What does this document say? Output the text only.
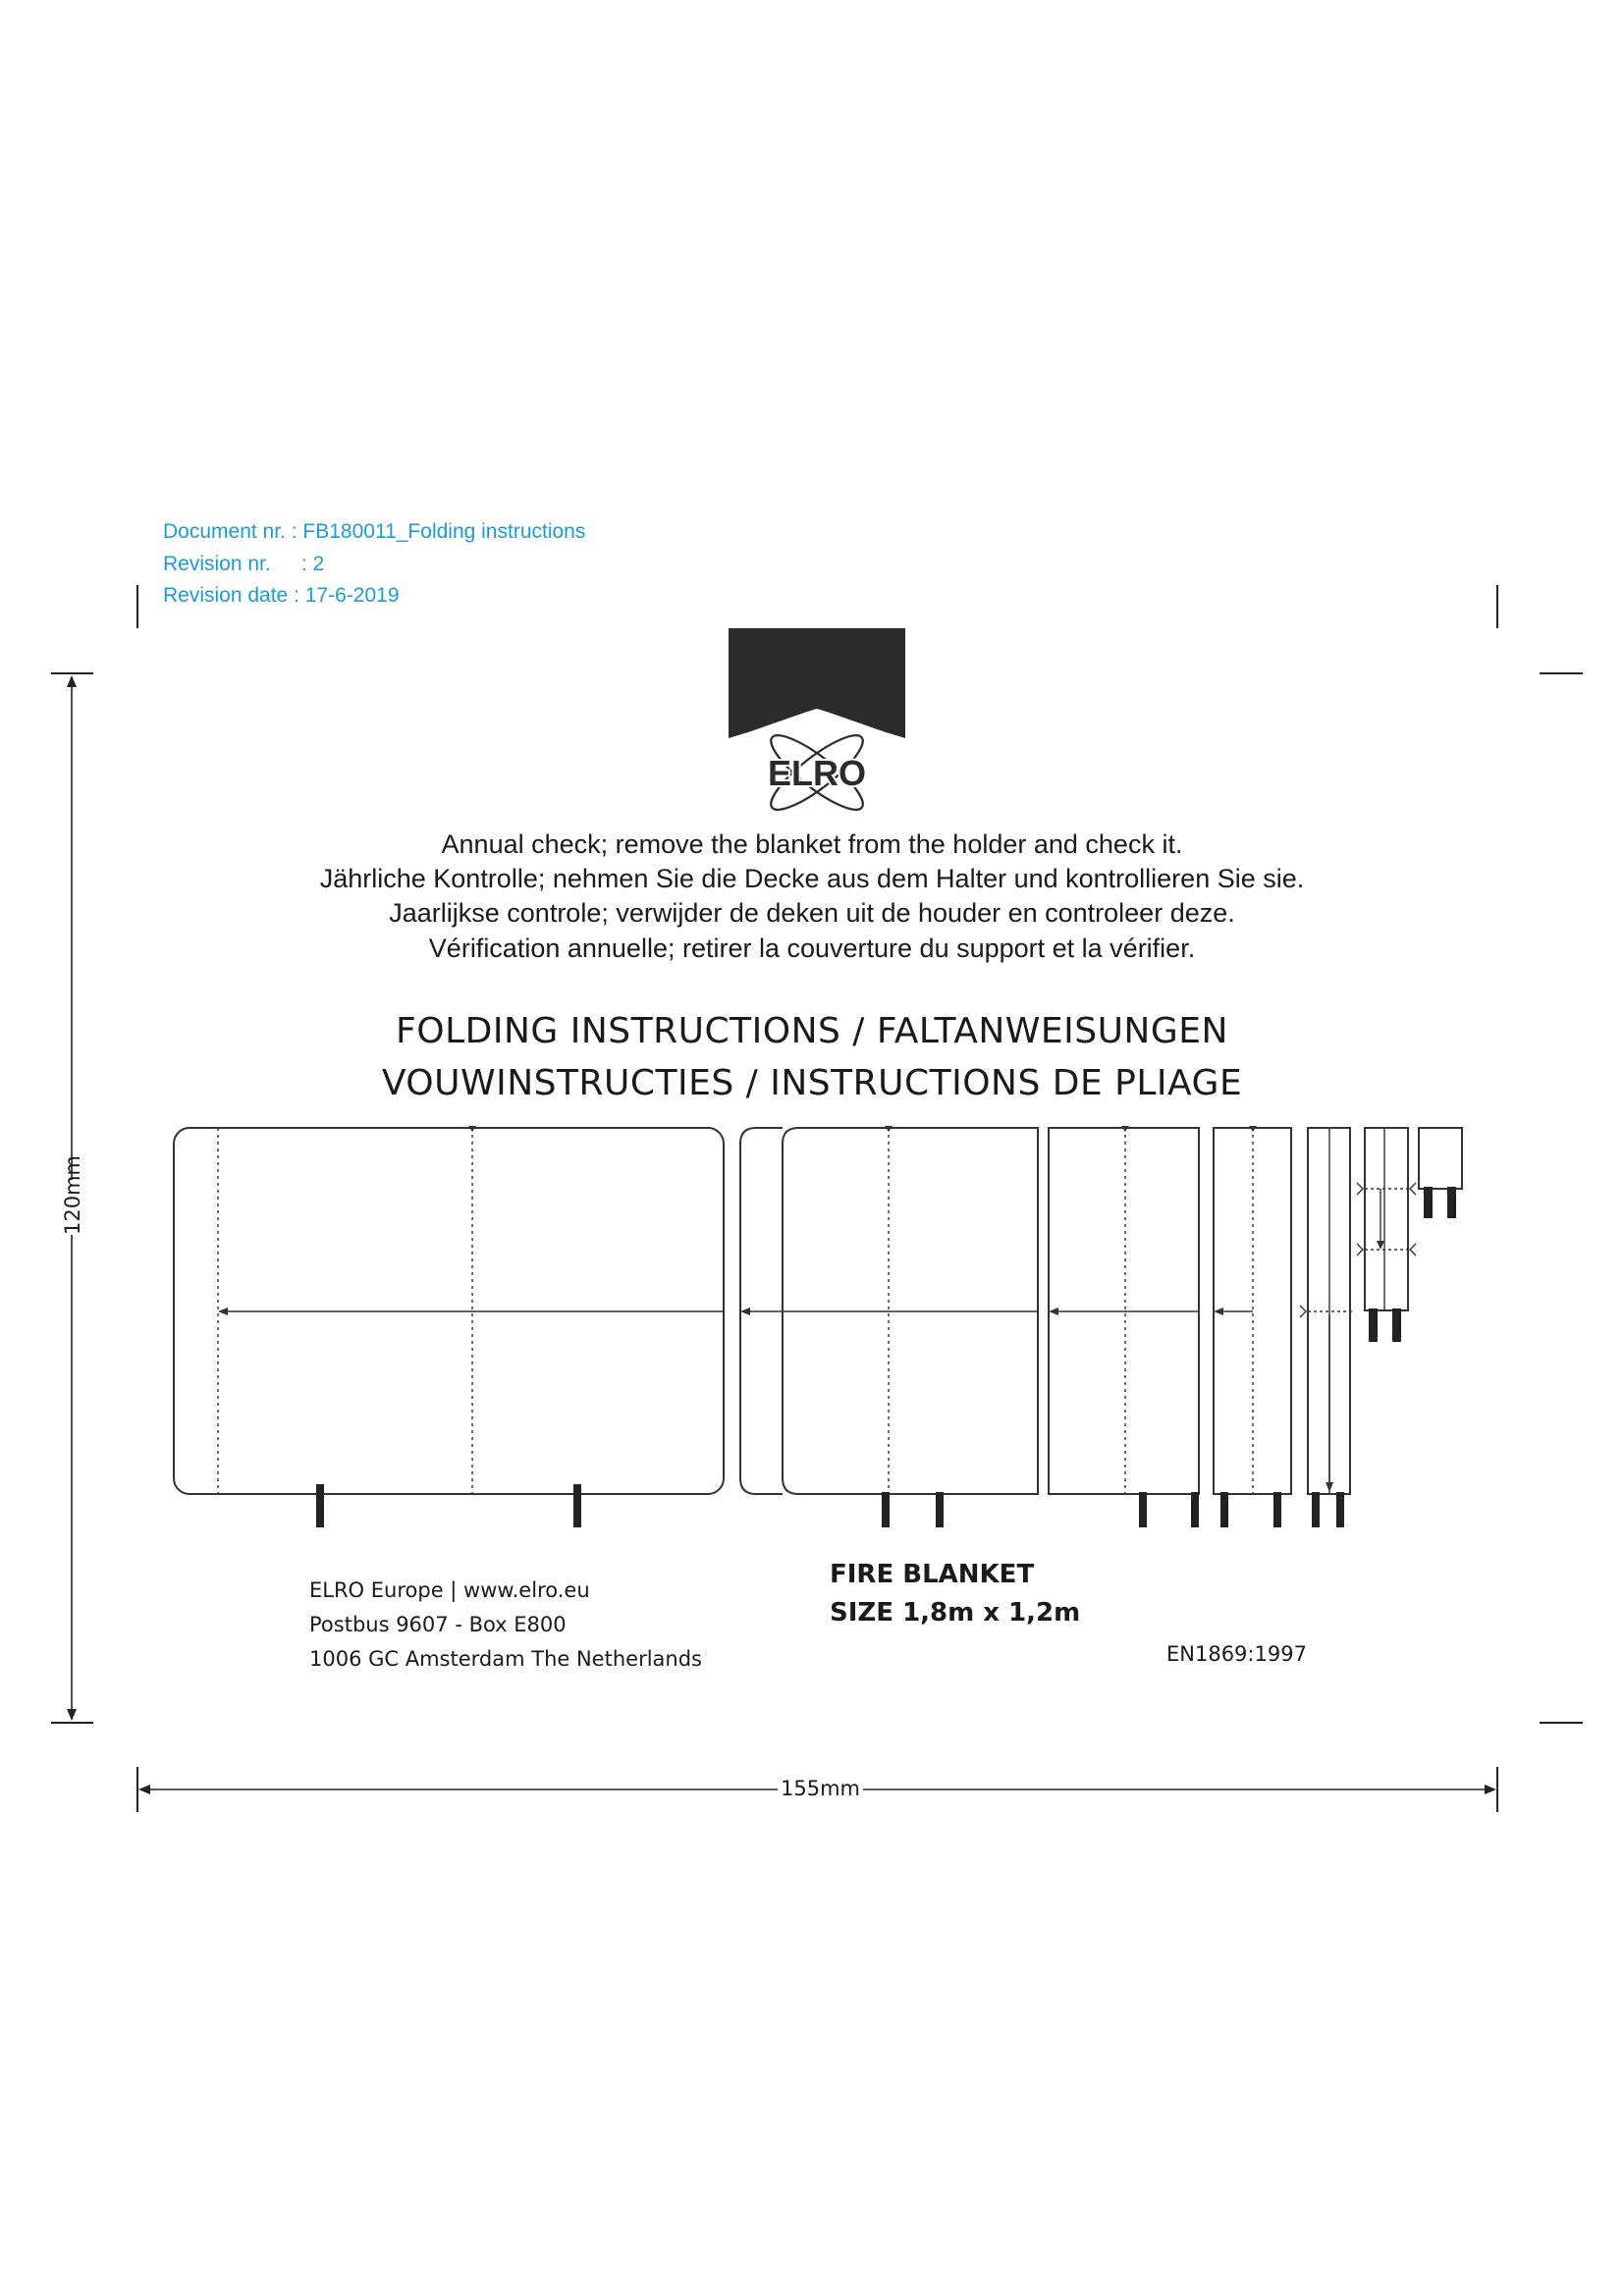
Document nr. : FB180011_Folding instructions
Revision nr. : 2
Revision date : 17-6-2019
ELRO
120mm
155mm
Annual check; remove the blanket from the holder and check it.
Jährliche Kontrolle; nehmen Sie die Decke aus dem Halter und kontrollieren Sie sie.
Jaarlijkse controle; verwijder de deken uit de houder en controleer deze.
Vérification annuelle; retirer la couverture du support et la vérifier.
FOLDING INSTRUCTIONS / FALTANWEISUNGEN
VOUWINSTRUCTIES / INSTRUCTIONS DE PLIAGE
ELRO Europe | www.elro.eu
Postbus 9607 - Box E800
1006 GC Amsterdam The Netherlands
FIRE BLANKET
SIZE 1,8m x 1,2m
EN1869:1997
